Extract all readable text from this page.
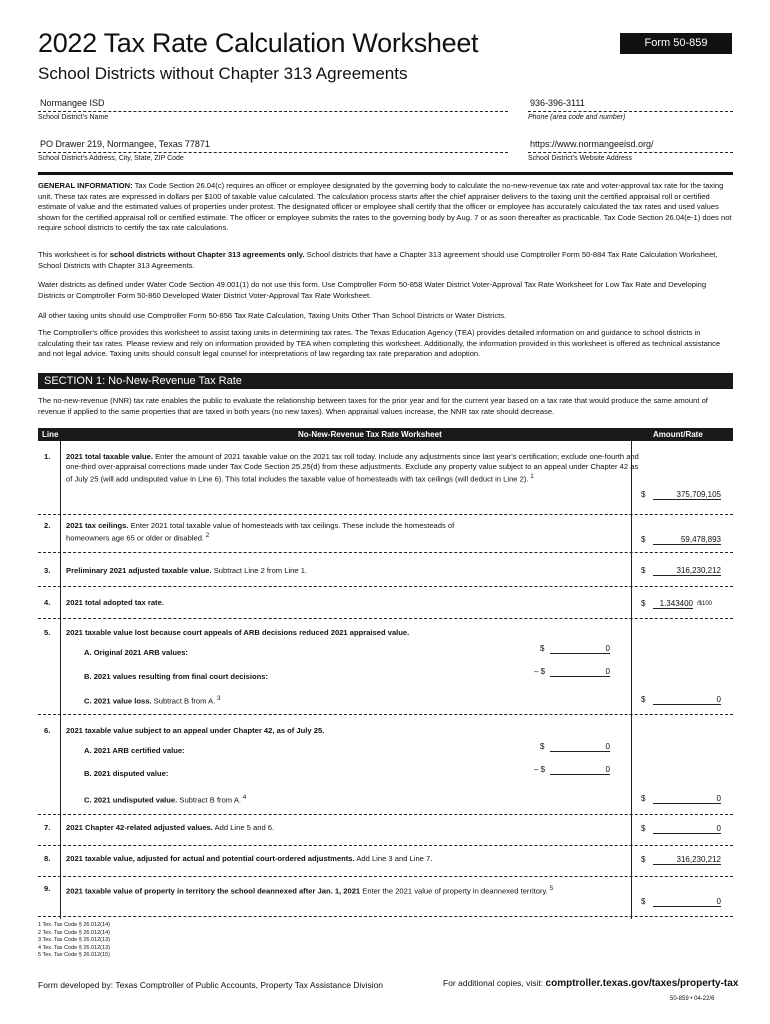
2022 Tax Rate Calculation Worksheet	Form 50-859
School Districts without Chapter 313 Agreements
Normangee ISD
School District's Name
936-396-3111
Phone (area code and number)
PO Drawer 219, Normangee, Texas 77871
School District's Address, City, State, ZIP Code
https://www.normangeeisd.org/
School District's Website Address

GENERAL INFORMATION: Tax Code Section 26.04(c) requires an officer or employee designated by the governing body to calculate the no-new-revenue tax rate and voter-approval tax rate for the taxing unit. These tax rates are expressed in dollars per $100 of taxable value calculated. The calculation process starts after the chief appraiser delivers to the taxing unit the certified appraisal roll or certified estimate of value and the estimated values of properties under protest. The designated officer or employee shall certify that the officer or employee has accurately calculated the tax rates and used values shown for the certified appraisal roll or certified estimate. The officer or employee submits the rates to the governing body by Aug. 7 or as soon thereafter as practicable. Tax Code Section 26.04(e-1) does not require school districts to certify the tax rate calculations.

This worksheet is for school districts without Chapter 313 agreements only. School districts that have a Chapter 313 agreement should use Comptroller Form 50-884 Tax Rate Calculation Worksheet, School Districts with Chapter 313 Agreements.

Water districts as defined under Water Code Section 49.001(1) do not use this form. Use Comptroller Form 50-858 Water District Voter-Approval Tax Rate Worksheet for Low Tax Rate and Developing Districts or Comptroller Form 50-860 Developed Water District Voter-Approval Tax Rate Worksheet.

All other taxing units should use Comptroller Form 50-856 Tax Rate Calculation, Taxing Units Other Than School Districts or Water Districts.

The Comptroller's office provides this worksheet to assist taxing units in determining tax rates. The Texas Education Agency (TEA) provides detailed information on and guidance to school districts in calculating their tax rates. Please review and rely on information provided by TEA when completing this worksheet. Additionally, the information provided in this worksheet is offered as technical assistance and not legal advice. Taxing units should consult legal counsel for interpretations of law regarding tax rate preparation and adoption.

SECTION 1: No-New-Revenue Tax Rate

The no-new-revenue (NNR) tax rate enables the public to evaluate the relationship between taxes for the prior year and for the current year based on a tax rate that would produce the same amount of revenue if applied to the same properties that are taxed in both years (no new taxes). When appraisal values increase, the NNR tax rate should decrease.

Line	No-New-Revenue Tax Rate Worksheet	Amount/Rate
1. 2021 total taxable value. Enter the amount of 2021 taxable value on the 2021 tax roll today. Include any adjustments since last year's certification; exclude one-fourth and one-third over-appraisal corrections made under Tax Code Section 25.25(d) from these adjustments. Exclude any property value subject to an appeal under Chapter 42 as of July 25 (will add undisputed value in Line 6). This total includes the taxable value of homesteads with tax ceilings (will deduct in Line 2). $^1$
$	375,709,105
2. 2021 tax ceilings. Enter 2021 total taxable value of homesteads with tax ceilings. These include the homesteads of homeowners age 65 or older or disabled. $^2$	$	59,478,893
3. Preliminary 2021 adjusted taxable value. Subtract Line 2 from Line 1.	$	316,230,212
4. 2021 total adopted tax rate.	$	1.343400 /$100
5. 2021 taxable value lost because court appeals of ARB decisions reduced 2021 appraised value.
A. Original 2021 ARB values:	$	0
B. 2021 values resulting from final court decisions:
– $	0
C. 2021 value loss. Subtract B from A. $^3$	$	0
6. 2021 taxable value subject to an appeal under Chapter 42, as of July 25.
A. 2021 ARB certified value:	$	0
B. 2021 disputed value:	– $	0
C. 2021 undisputed value. Subtract B from A. $^4$	$	0
7. 2021 Chapter 42-related adjusted values. Add Line 5 and 6.	$	0
8. 2021 taxable value, adjusted for actual and potential court-ordered adjustments. Add Line 3 and Line 7.	$	316,230,212
9. 2021 taxable value of property in territory the school deannexed after Jan. 1, 2021 Enter the 2021 value of property in deannexed territory. $^5$
$	0
1 Tex. Tax Code § 26.012(14)
2 Tex. Tax Code § 26.012(14)
3 Tex. Tax Code § 26.012(13)
4 Tex. Tax Code § 26.012(13)
5 Tex. Tax Code § 26.012(15)
Form developed by: Texas Comptroller of Public Accounts, Property Tax Assistance Division	For additional copies, visit: comptroller.texas.gov/taxes/property-tax
50-859 • 04-22/6
